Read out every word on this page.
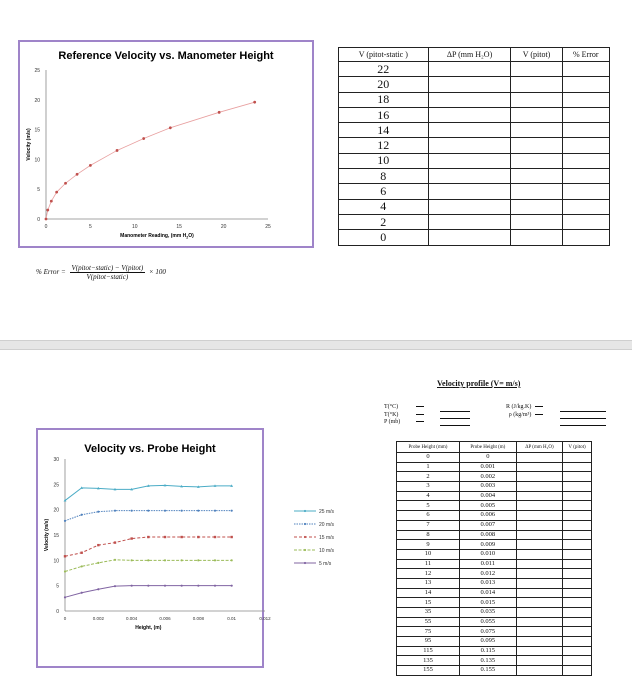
Reference Velocity vs. Manometer Height
0
5
10
15
20
25
0	5	10	15	20	25
Manometer Reading, (mm $H_2O$)
Velocity (m/s)
% Error = $\frac{\text{V(pitot−static) − V(pitot)}}{\text{V(pitot−static)}} \times 100$
V (pitot-static )	ΔP (mm H₂O)	V (pitot)	% Error
22			
20			
18			
16			
14			
12			
10			
8			
6			
4			
2			
0			
Velocity vs. Probe Height
0
5
10
15
20
25
30
0	0.002	0.004	0.006	0.008	0.01	0.012
Height, (m)
Velocity (m/s)
25 m/s
20 m/s
15 m/s
10 m/s
5 m/s
Velocity profile (V= m/s)
T(°C)
T(°K)
P (mb)
R (J/kg.K)
ρ (kg/m³)
Probe Height (mm)	Probe Height (m)	ΔP (mm H₂O)	V (pitot)
0	0		
1	0.001		
2	0.002		
3	0.003		
4	0.004		
5	0.005		
6	0.006		
7	0.007		
8	0.008		
9	0.009		
10	0.010		
11	0.011		
12	0.012		
13	0.013		
14	0.014		
15	0.015		
35	0.035		
55	0.055		
75	0.075		
95	0.095		
115	0.115		
135	0.135		
155	0.155		
